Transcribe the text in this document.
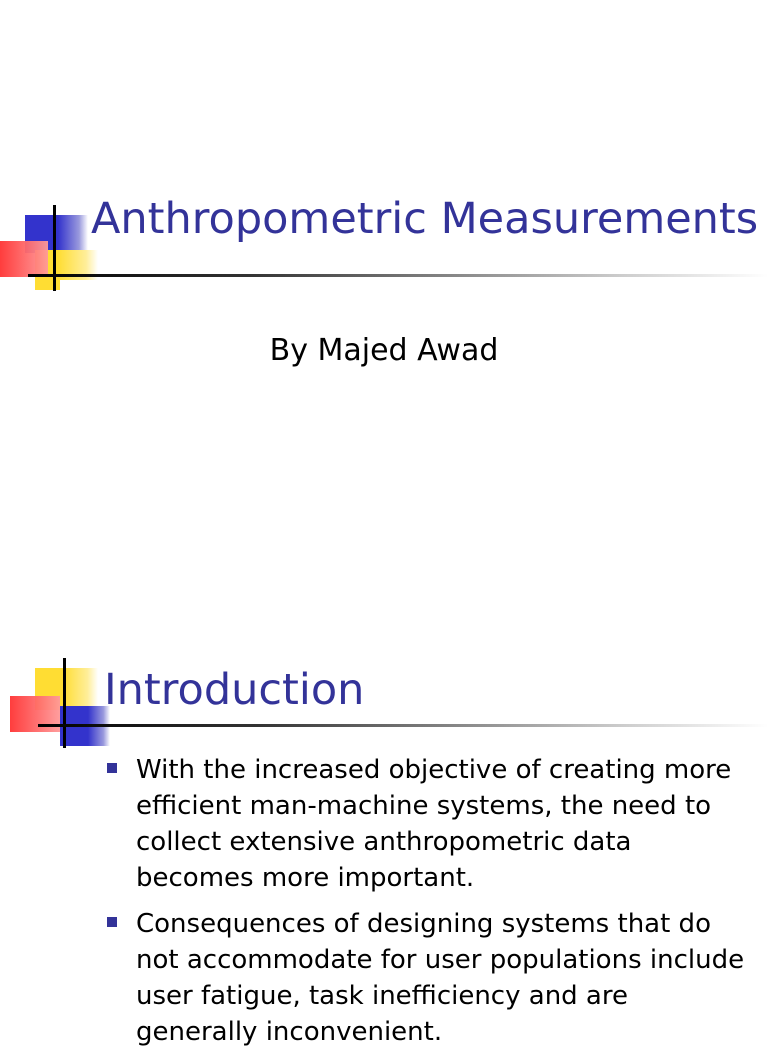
Anthropometric Measurements
By Majed Awad
Introduction
With the increased objective of creating more efficient man-machine systems, the need to collect extensive anthropometric data becomes more important.
Consequences of designing systems that do not accommodate for user populations include user fatigue, task inefficiency and are generally inconvenient.
